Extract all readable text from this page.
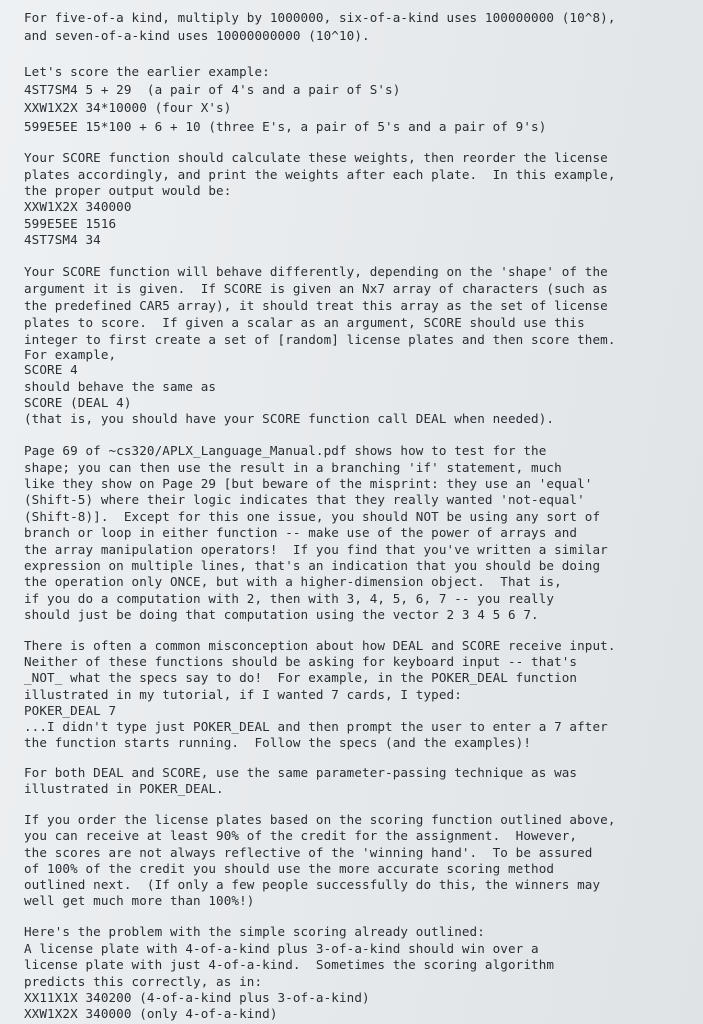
For five-of-a kind, multiply by 1000000, six-of-a-kind uses 100000000 (10^8),
and seven-of-a-kind uses 10000000000 (10^10).
Let's score the earlier example:
4ST7SM4 5 + 29  (a pair of 4's and a pair of S's)
XXW1X2X 34*10000 (four X's)
599E5EE 15*100 + 6 + 10 (three E's, a pair of 5's and a pair of 9's)
Your SCORE function should calculate these weights, then reorder the license
plates accordingly, and print the weights after each plate.  In this example,
the proper output would be:
XXW1X2X 340000
599E5EE 1516
4ST7SM4 34
Your SCORE function will behave differently, depending on the 'shape' of the
argument it is given.  If SCORE is given an Nx7 array of characters (such as
the predefined CAR5 array), it should treat this array as the set of license
plates to score.  If given a scalar as an argument, SCORE should use this
integer to first create a set of [random] license plates and then score them.
For example,
SCORE 4
should behave the same as
SCORE (DEAL 4)
(that is, you should have your SCORE function call DEAL when needed).
Page 69 of ~cs320/APLX_Language_Manual.pdf shows how to test for the
shape; you can then use the result in a branching 'if' statement, much
like they show on Page 29 [but beware of the misprint: they use an 'equal'
(Shift-5) where their logic indicates that they really wanted 'not-equal'
(Shift-8)].  Except for this one issue, you should NOT be using any sort of
branch or loop in either function -- make use of the power of arrays and
the array manipulation operators!  If you find that you've written a similar
expression on multiple lines, that's an indication that you should be doing
the operation only ONCE, but with a higher-dimension object.  That is,
if you do a computation with 2, then with 3, 4, 5, 6, 7 -- you really
should just be doing that computation using the vector 2 3 4 5 6 7.
There is often a common misconception about how DEAL and SCORE receive input.
Neither of these functions should be asking for keyboard input -- that's
_NOT_ what the specs say to do!  For example, in the POKER_DEAL function
illustrated in my tutorial, if I wanted 7 cards, I typed:
POKER_DEAL 7
...I didn't type just POKER_DEAL and then prompt the user to enter a 7 after
the function starts running.  Follow the specs (and the examples)!
For both DEAL and SCORE, use the same parameter-passing technique as was
illustrated in POKER_DEAL.
If you order the license plates based on the scoring function outlined above,
you can receive at least 90% of the credit for the assignment.  However,
the scores are not always reflective of the 'winning hand'.  To be assured
of 100% of the credit you should use the more accurate scoring method
outlined next.  (If only a few people successfully do this, the winners may
well get much more than 100%!)
Here's the problem with the simple scoring already outlined:
A license plate with 4-of-a-kind plus 3-of-a-kind should win over a
license plate with just 4-of-a-kind.  Sometimes the scoring algorithm
predicts this correctly, as in:
XX11X1X 340200 (4-of-a-kind plus 3-of-a-kind)
XXW1X2X 340000 (only 4-of-a-kind)
